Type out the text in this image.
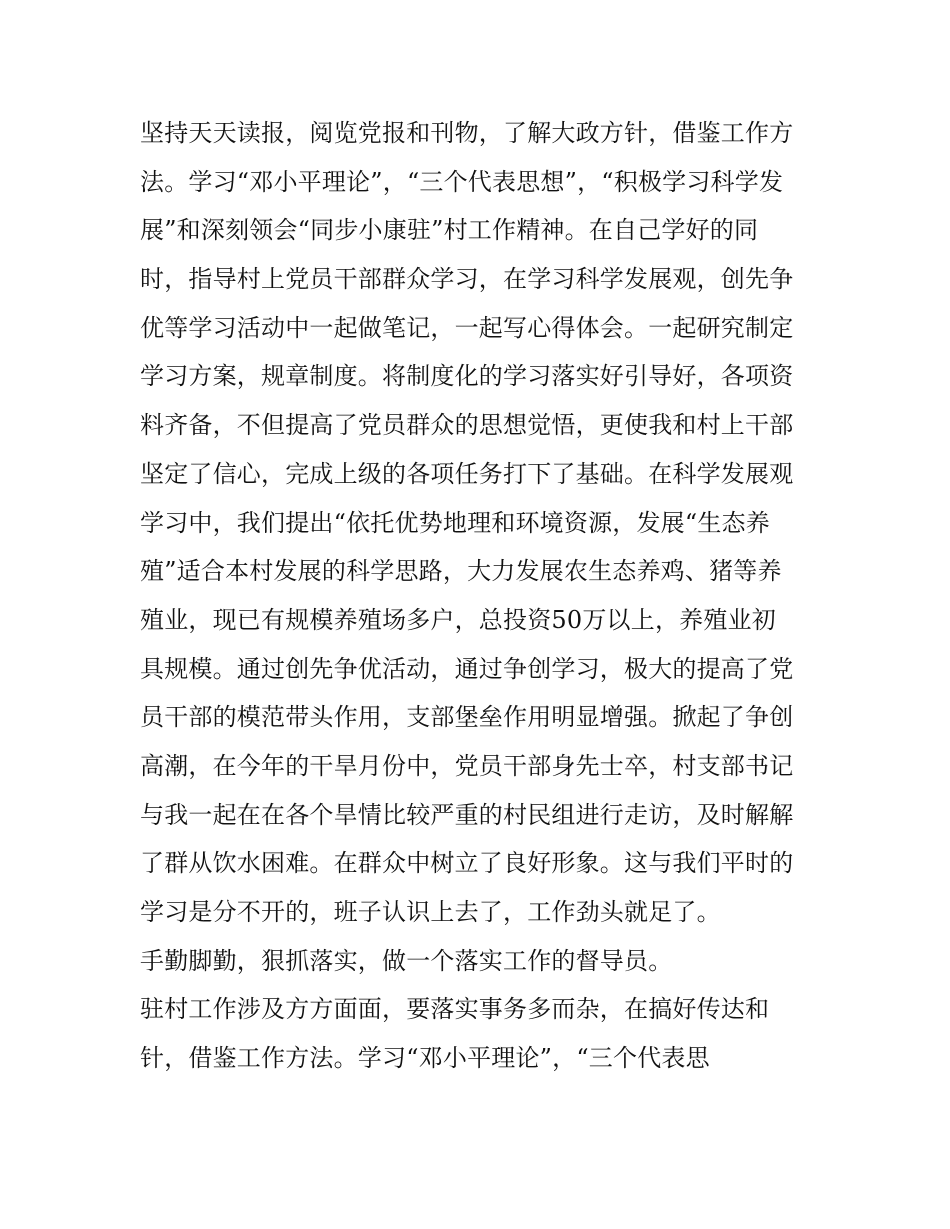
坚持天天读报，阅览党报和刊物，了解大政方针，借鉴工作方
法。学习“邓小平理论”，“三个代表思想”，“积极学习科学发
展”和深刻领会“同步小康驻”村工作精神。在自己学好的同
时，指导村上党员干部群众学习，在学习科学发展观，创先争
优等学习活动中一起做笔记，一起写心得体会。一起研究制定
学习方案，规章制度。将制度化的学习落实好引导好，各项资
料齐备，不但提高了党员群众的思想觉悟，更使我和村上干部
坚定了信心，完成上级的各项任务打下了基础。在科学发展观
学习中，我们提出“依托优势地理和环境资源，发展“生态养
殖”适合本村发展的科学思路，大力发展农生态养鸡、猪等养
殖业，现已有规模养殖场多户，总投资50万以上，养殖业初
具规模。通过创先争优活动，通过争创学习，极大的提高了党
员干部的模范带头作用，支部堡垒作用明显增强。掀起了争创
高潮，在今年的干旱月份中，党员干部身先士卒，村支部书记
与我一起在在各个旱情比较严重的村民组进行走访，及时解解
了群从饮水困难。在群众中树立了良好形象。这与我们平时的
学习是分不开的，班子认识上去了，工作劲头就足了。
手勤脚勤，狠抓落实，做一个落实工作的督导员。
驻村工作涉及方方面面，要落实事务多而杂，在搞好传达和
针，借鉴工作方法。学习“邓小平理论”，“三个代表思
